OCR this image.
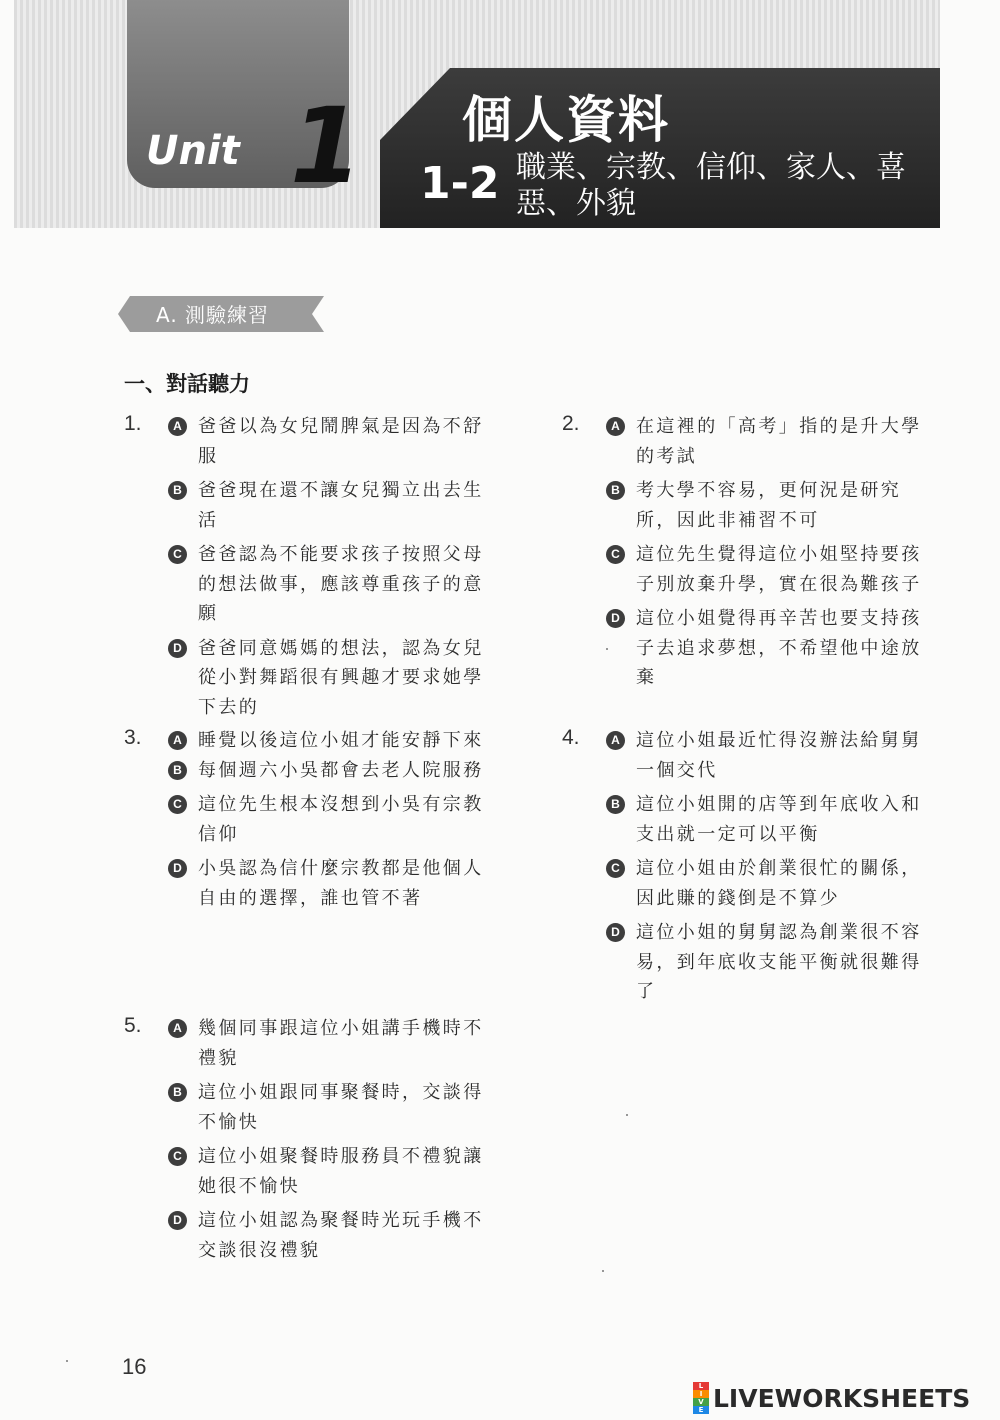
Unit 1 個人資料
1-2 職業、宗教、信仰、家人、喜惡、外貌
A. 測驗練習
一、對話聽力
1.	A 爸爸以為女兒鬧脾氣是因為不舒服
B 爸爸現在還不讓女兒獨立出去生活
C 爸爸認為不能要求孩子按照父母的想法做事，應該尊重孩子的意願
D 爸爸同意媽媽的想法，認為女兒從小對舞蹈很有興趣才要求她學下去的
2.	A 在這裡的「高考」指的是升大學的考試
B 考大學不容易，更何況是研究所，因此非補習不可
C 這位先生覺得這位小姐堅持要孩子別放棄升學，實在很為難孩子
D 這位小姐覺得再辛苦也要支持孩子去追求夢想，不希望他中途放棄
3.	A 睡覺以後這位小姐才能安靜下來
B 每個週六小吳都會去老人院服務
C 這位先生根本沒想到小吳有宗教信仰
D 小吳認為信什麼宗教都是他個人自由的選擇，誰也管不著
4.	A 這位小姐最近忙得沒辦法給舅舅一個交代
B 這位小姐開的店等到年底收入和支出就一定可以平衡
C 這位小姐由於創業很忙的關係，因此賺的錢倒是不算少
D 這位小姐的舅舅認為創業很不容易，到年底收支能平衡就很難得了
5.	A 幾個同事跟這位小姐講手機時不禮貌
B 這位小姐跟同事聚餐時，交談得不愉快
C 這位小姐聚餐時服務員不禮貌讓她很不愉快
D 這位小姐認為聚餐時光玩手機不交談很沒禮貌
16
L
I
V
E LIVEWORKSHEETS
